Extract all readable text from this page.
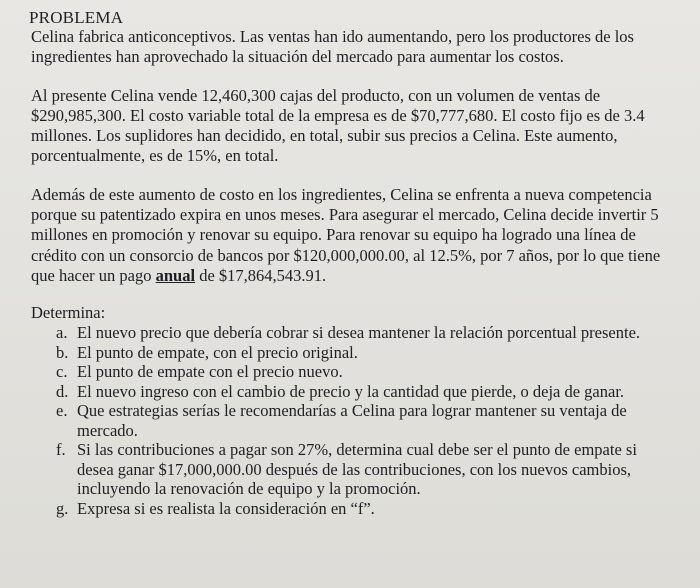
PROBLEMA

Celina fabrica anticonceptivos. Las ventas han ido aumentando, pero los productores de los ingredientes han aprovechado la situación del mercado para aumentar los costos.

Al presente Celina vende 12,460,300 cajas del producto, con un volumen de ventas de $290,985,300. El costo variable total de la empresa es de $70,777,680. El costo fijo es de 3.4 millones. Los suplidores han decidido, en total, subir sus precios a Celina. Este aumento, porcentualmente, es de 15%, en total.

Además de este aumento de costo en los ingredientes, Celina se enfrenta a nueva competencia porque su patentizado expira en unos meses. Para asegurar el mercado, Celina decide invertir 5 millones en promoción y renovar su equipo. Para renovar su equipo ha logrado una línea de crédito con un consorcio de bancos por $120,000,000.00, al 12.5%, por 7 años, por lo que tiene que hacer un pago anual de $17,864,543.91.

Determina:

a. El nuevo precio que debería cobrar si desea mantener la relación porcentual presente.
b. El punto de empate, con el precio original.
c. El punto de empate con el precio nuevo.
d. El nuevo ingreso con el cambio de precio y la cantidad que pierde, o deja de ganar.
e. Que estrategias serías le recomendarías a Celina para lograr mantener su ventaja de mercado.
f. Si las contribuciones a pagar son 27%, determina cual debe ser el punto de empate si desea ganar $17,000,000.00 después de las contribuciones, con los nuevos cambios, incluyendo la renovación de equipo y la promoción.
g. Expresa si es realista la consideración en “f”.
